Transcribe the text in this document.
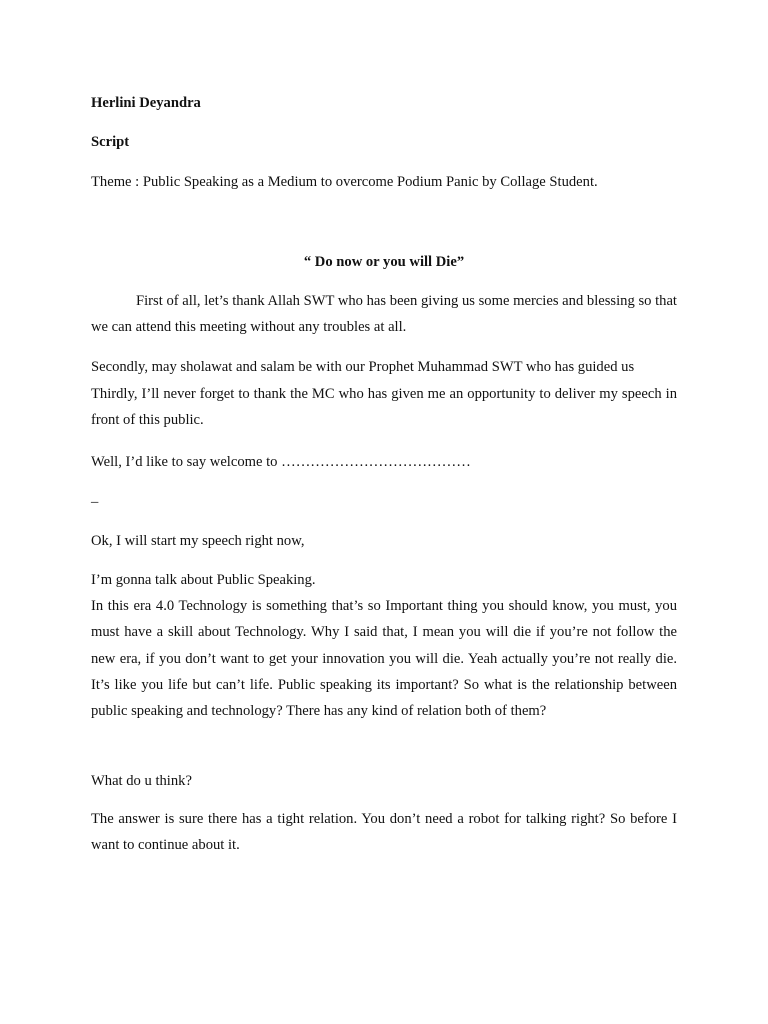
Herlini Deyandra
Script
Theme : Public Speaking as a Medium to overcome Podium Panic by Collage Student.
“ Do now or you will Die”
First of all, let’s thank Allah SWT who has been giving us some mercies and blessing so that we can attend this meeting without any troubles at all.
Secondly, may sholawat and salam be with our Prophet Muhammad SWT who has guided us
Thirdly, I’ll never forget to thank the MC who has given me an opportunity to deliver my speech in front of this public.
Well, I’d like to say welcome to …………………………………
–
Ok, I will start my speech right now,
I’m gonna talk about Public Speaking.
In this era 4.0 Technology is something that’s so Important thing you should know, you must, you must have a skill about Technology. Why I said that, I mean you will die if you’re not follow the new era, if you don’t want to get your innovation you will die. Yeah actually you’re not really die. It’s like you life but can’t life. Public speaking its important? So what is the relationship between public speaking and technology? There has any kind of relation both of them?
What do u think?
The answer is sure there has a tight relation. You don’t need a robot for talking right? So before I want to continue about it.
